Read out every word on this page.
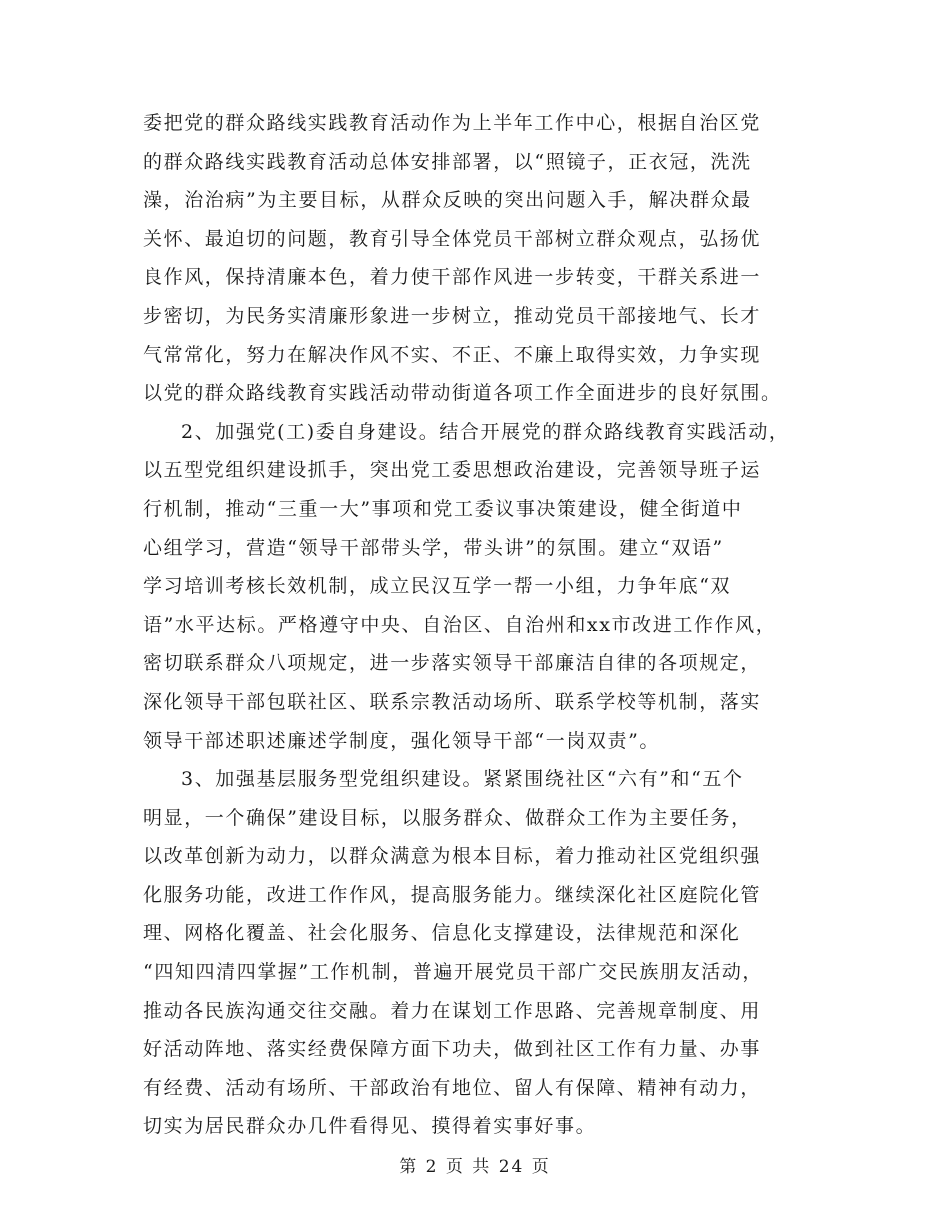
委把党的群众路线实践教育活动作为上半年工作中心，根据自治区党
的群众路线实践教育活动总体安排部署，以“照镜子，正衣冠，洗洗
澡，治治病”为主要目标，从群众反映的突出问题入手，解决群众最
关怀、最迫切的问题，教育引导全体党员干部树立群众观点，弘扬优
良作风，保持清廉本色，着力使干部作风进一步转变，干群关系进一
步密切，为民务实清廉形象进一步树立，推动党员干部接地气、长才
气常常化，努力在解决作风不实、不正、不廉上取得实效，力争实现
以党的群众路线教育实践活动带动街道各项工作全面进步的良好氛围。
2、加强党(工)委自身建设。结合开展党的群众路线教育实践活动，
以五型党组织建设抓手，突出党工委思想政治建设，完善领导班子运
行机制，推动“三重一大”事项和党工委议事决策建设，健全街道中
心组学习，营造“领导干部带头学，带头讲”的氛围。建立“双语”
学习培训考核长效机制，成立民汉互学一帮一小组，力争年底“双
语”水平达标。严格遵守中央、自治区、自治州和xx市改进工作作风，
密切联系群众八项规定，进一步落实领导干部廉洁自律的各项规定，
深化领导干部包联社区、联系宗教活动场所、联系学校等机制，落实
领导干部述职述廉述学制度，强化领导干部“一岗双责”。
3、加强基层服务型党组织建设。紧紧围绕社区“六有”和“五个
明显，一个确保”建设目标，以服务群众、做群众工作为主要任务，
以改革创新为动力，以群众满意为根本目标，着力推动社区党组织强
化服务功能，改进工作作风，提高服务能力。继续深化社区庭院化管
理、网格化覆盖、社会化服务、信息化支撑建设，法律规范和深化
“四知四清四掌握”工作机制，普遍开展党员干部广交民族朋友活动，
推动各民族沟通交往交融。着力在谋划工作思路、完善规章制度、用
好活动阵地、落实经费保障方面下功夫，做到社区工作有力量、办事
有经费、活动有场所、干部政治有地位、留人有保障、精神有动力，
切实为居民群众办几件看得见、摸得着实事好事。
第 2 页 共 24 页
